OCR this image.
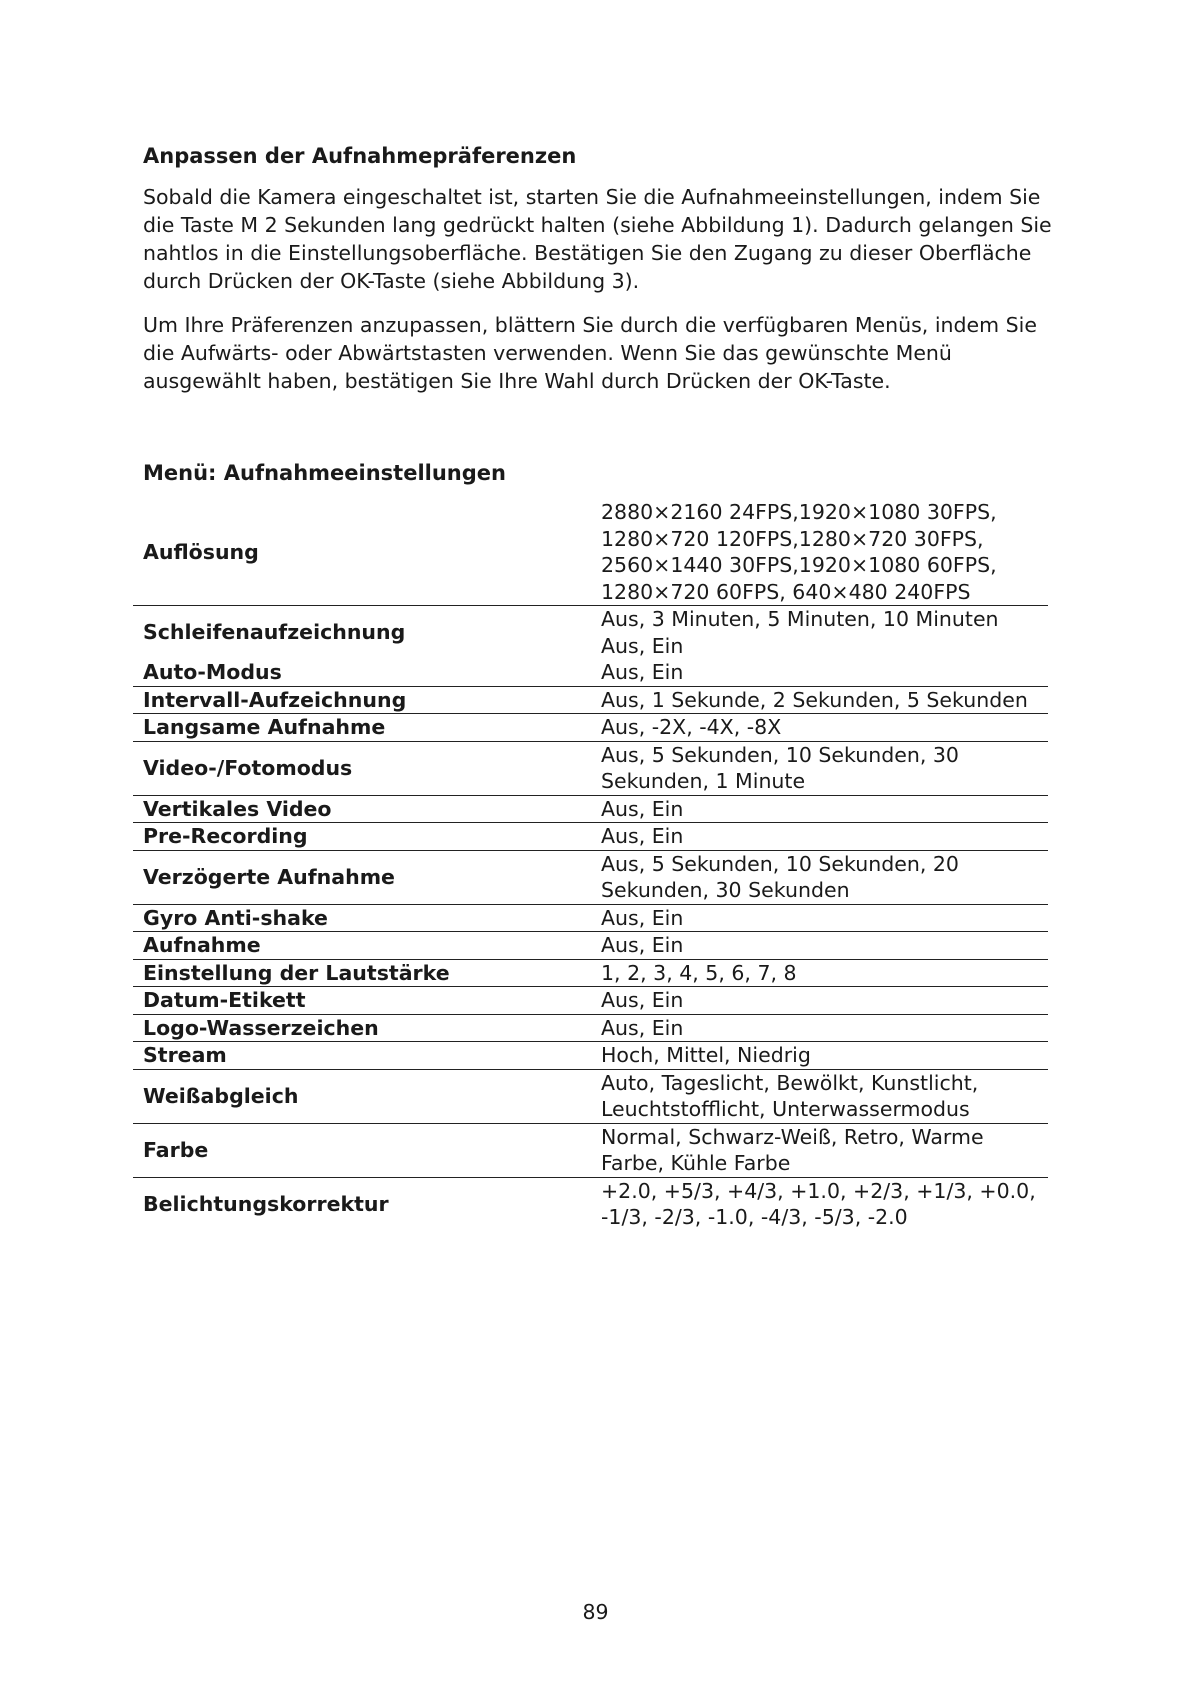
Anpassen der Aufnahmepräferenzen

Sobald die Kamera eingeschaltet ist, starten Sie die Aufnahmeeinstellungen, indem Sie die Taste M 2 Sekunden lang gedrückt halten (siehe Abbildung 1). Dadurch gelangen Sie nahtlos in die Einstellungsoberfläche. Bestätigen Sie den Zugang zu dieser Oberfläche durch Drücken der OK-Taste (siehe Abbildung 3).

Um Ihre Präferenzen anzupassen, blättern Sie durch die verfügbaren Menüs, indem Sie die Aufwärts- oder Abwärtstasten verwenden. Wenn Sie das gewünschte Menü ausgewählt haben, bestätigen Sie Ihre Wahl durch Drücken der OK-Taste.

Menü: Aufnahmeeinstellungen
Auflösung	2880×2160 24FPS,1920×1080 30FPS, 1280×720 120FPS,1280×720 30FPS, 2560×1440 30FPS,1920×1080 60FPS, 1280×720 60FPS, 640×480 240FPS
Schleifenaufzeichnung	Aus, 3 Minuten, 5 Minuten, 10 Minuten Aus, Ein
Auto-Modus	Aus, Ein
Intervall-Aufzeichnung	Aus, 1 Sekunde, 2 Sekunden, 5 Sekunden
Langsame Aufnahme	Aus, -2X, -4X, -8X
Video-/Fotomodus	Aus, 5 Sekunden, 10 Sekunden, 30 Sekunden, 1 Minute
Vertikales Video	Aus, Ein
Pre-Recording	Aus, Ein
Verzögerte Aufnahme	Aus, 5 Sekunden, 10 Sekunden, 20 Sekunden, 30 Sekunden
Gyro Anti-shake	Aus, Ein
Aufnahme	Aus, Ein
Einstellung der Lautstärke	1, 2, 3, 4, 5, 6, 7, 8
Datum-Etikett	Aus, Ein
Logo-Wasserzeichen	Aus, Ein
Stream	Hoch, Mittel, Niedrig
Weißabgleich	Auto, Tageslicht, Bewölkt, Kunstlicht, Leuchtstofflicht, Unterwassermodus
Farbe	Normal, Schwarz-Weiß, Retro, Warme Farbe, Kühle Farbe
Belichtungskorrektur	+2.0, +5/3, +4/3, +1.0, +2/3, +1/3, +0.0, -1/3, -2/3, -1.0, -4/3, -5/3, -2.0
89
